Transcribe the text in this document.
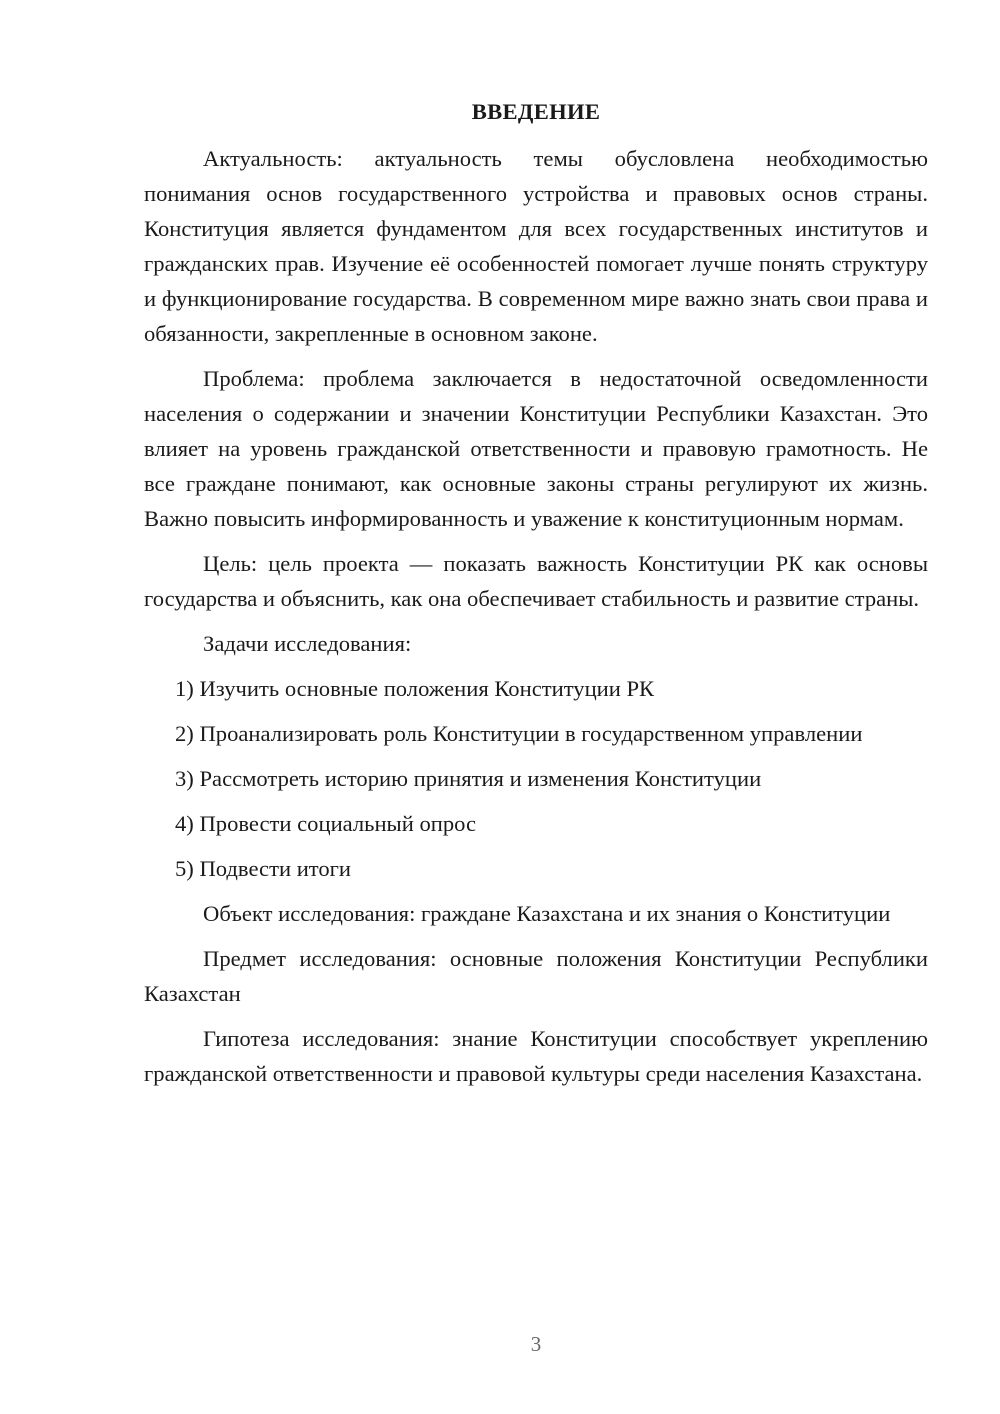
ВВЕДЕНИЕ

Актуальность: актуальность темы обусловлена необходимостью понимания основ государственного устройства и правовых основ страны. Конституция является фундаментом для всех государственных институтов и гражданских прав. Изучение её особенностей помогает лучше понять структуру и функционирование государства. В современном мире важно знать свои права и обязанности, закрепленные в основном законе.

Проблема: проблема заключается в недостаточной осведомленности населения о содержании и значении Конституции Республики Казахстан. Это влияет на уровень гражданской ответственности и правовую грамотность. Не все граждане понимают, как основные законы страны регулируют их жизнь. Важно повысить информированность и уважение к конституционным нормам.

Цель: цель проекта — показать важность Конституции РК как основы государства и объяснить, как она обеспечивает стабильность и развитие страны.

Задачи исследования:

1) Изучить основные положения Конституции РК

2) Проанализировать роль Конституции в государственном управлении

3) Рассмотреть историю принятия и изменения Конституции

4) Провести социальный опрос

5) Подвести итоги

Объект исследования: граждане Казахстана и их знания о Конституции

Предмет исследования: основные положения Конституции Республики Казахстан

Гипотеза исследования: знание Конституции способствует укреплению гражданской ответственности и правовой культуры среди населения Казахстана.

3
